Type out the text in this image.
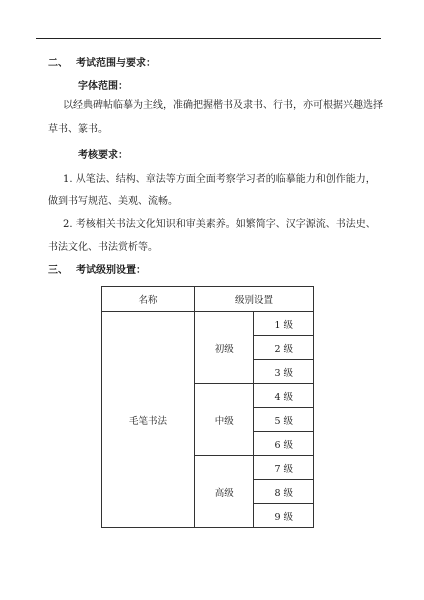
二、 考试范围与要求：
字体范围：
以经典碑帖临摹为主线，准确把握楷书及隶书、行书，亦可根据兴趣选择
草书、篆书。
考核要求：
1. 从笔法、结构、章法等方面全面考察学习者的临摹能力和创作能力，
做到书写规范、美观、流畅。
2. 考核相关书法文化知识和审美素养。如繁简字、汉字源流、书法史、
书法文化、书法赏析等。
三、 考试级别设置：
名称	级别设置	
毛笔书法	初级	1 级
		2 级
		3 级
	中级	4 级
		5 级
		6 级
	高级	7 级
		8 级
		9 级
